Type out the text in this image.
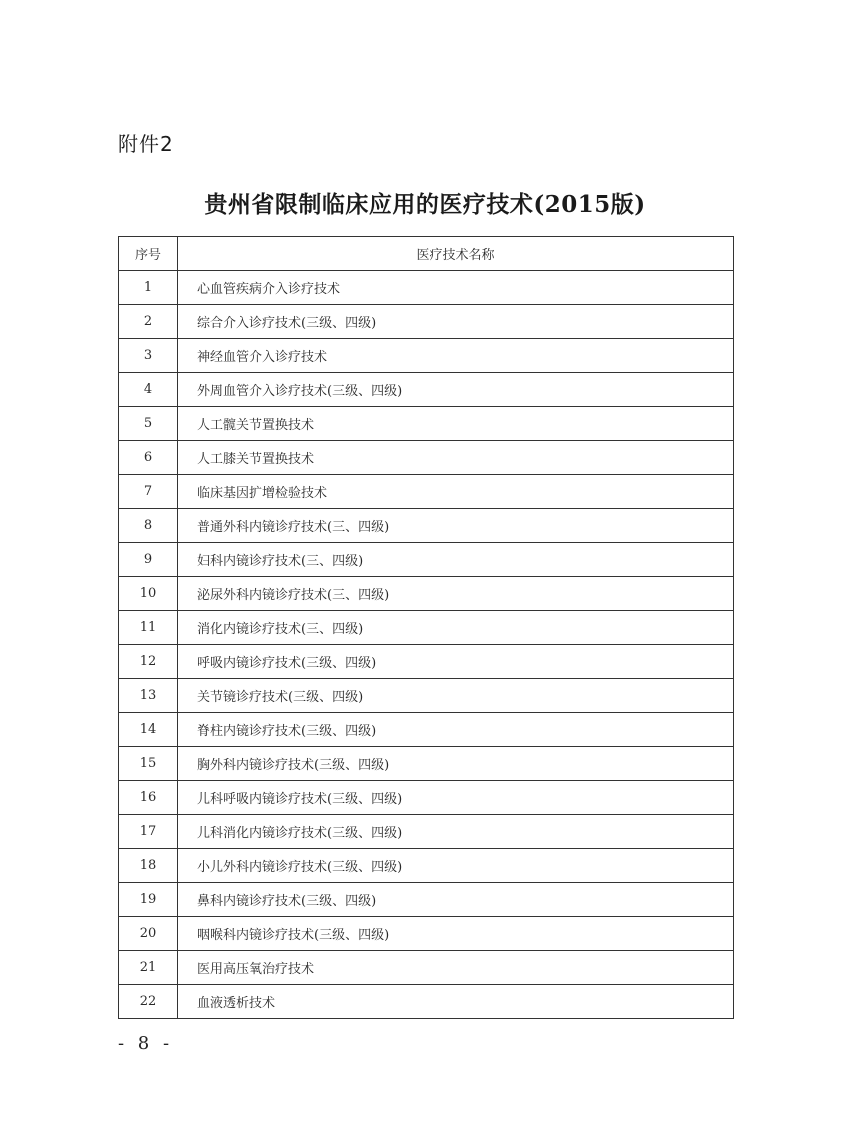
附件2
贵州省限制临床应用的医疗技术(2015版)
序号	医疗技术名称
1	心血管疾病介入诊疗技术
2	综合介入诊疗技术(三级、四级)
3	神经血管介入诊疗技术
4	外周血管介入诊疗技术(三级、四级)
5	人工髋关节置换技术
6	人工膝关节置换技术
7	临床基因扩增检验技术
8	普通外科内镜诊疗技术(三、四级)
9	妇科内镜诊疗技术(三、四级)
10	泌尿外科内镜诊疗技术(三、四级)
11	消化内镜诊疗技术(三、四级)
12	呼吸内镜诊疗技术(三级、四级)
13	关节镜诊疗技术(三级、四级)
14	脊柱内镜诊疗技术(三级、四级)
15	胸外科内镜诊疗技术(三级、四级)
16	儿科呼吸内镜诊疗技术(三级、四级)
17	儿科消化内镜诊疗技术(三级、四级)
18	小儿外科内镜诊疗技术(三级、四级)
19	鼻科内镜诊疗技术(三级、四级)
20	咽喉科内镜诊疗技术(三级、四级)
21	医用高压氧治疗技术
22	血液透析技术
- 8 -
